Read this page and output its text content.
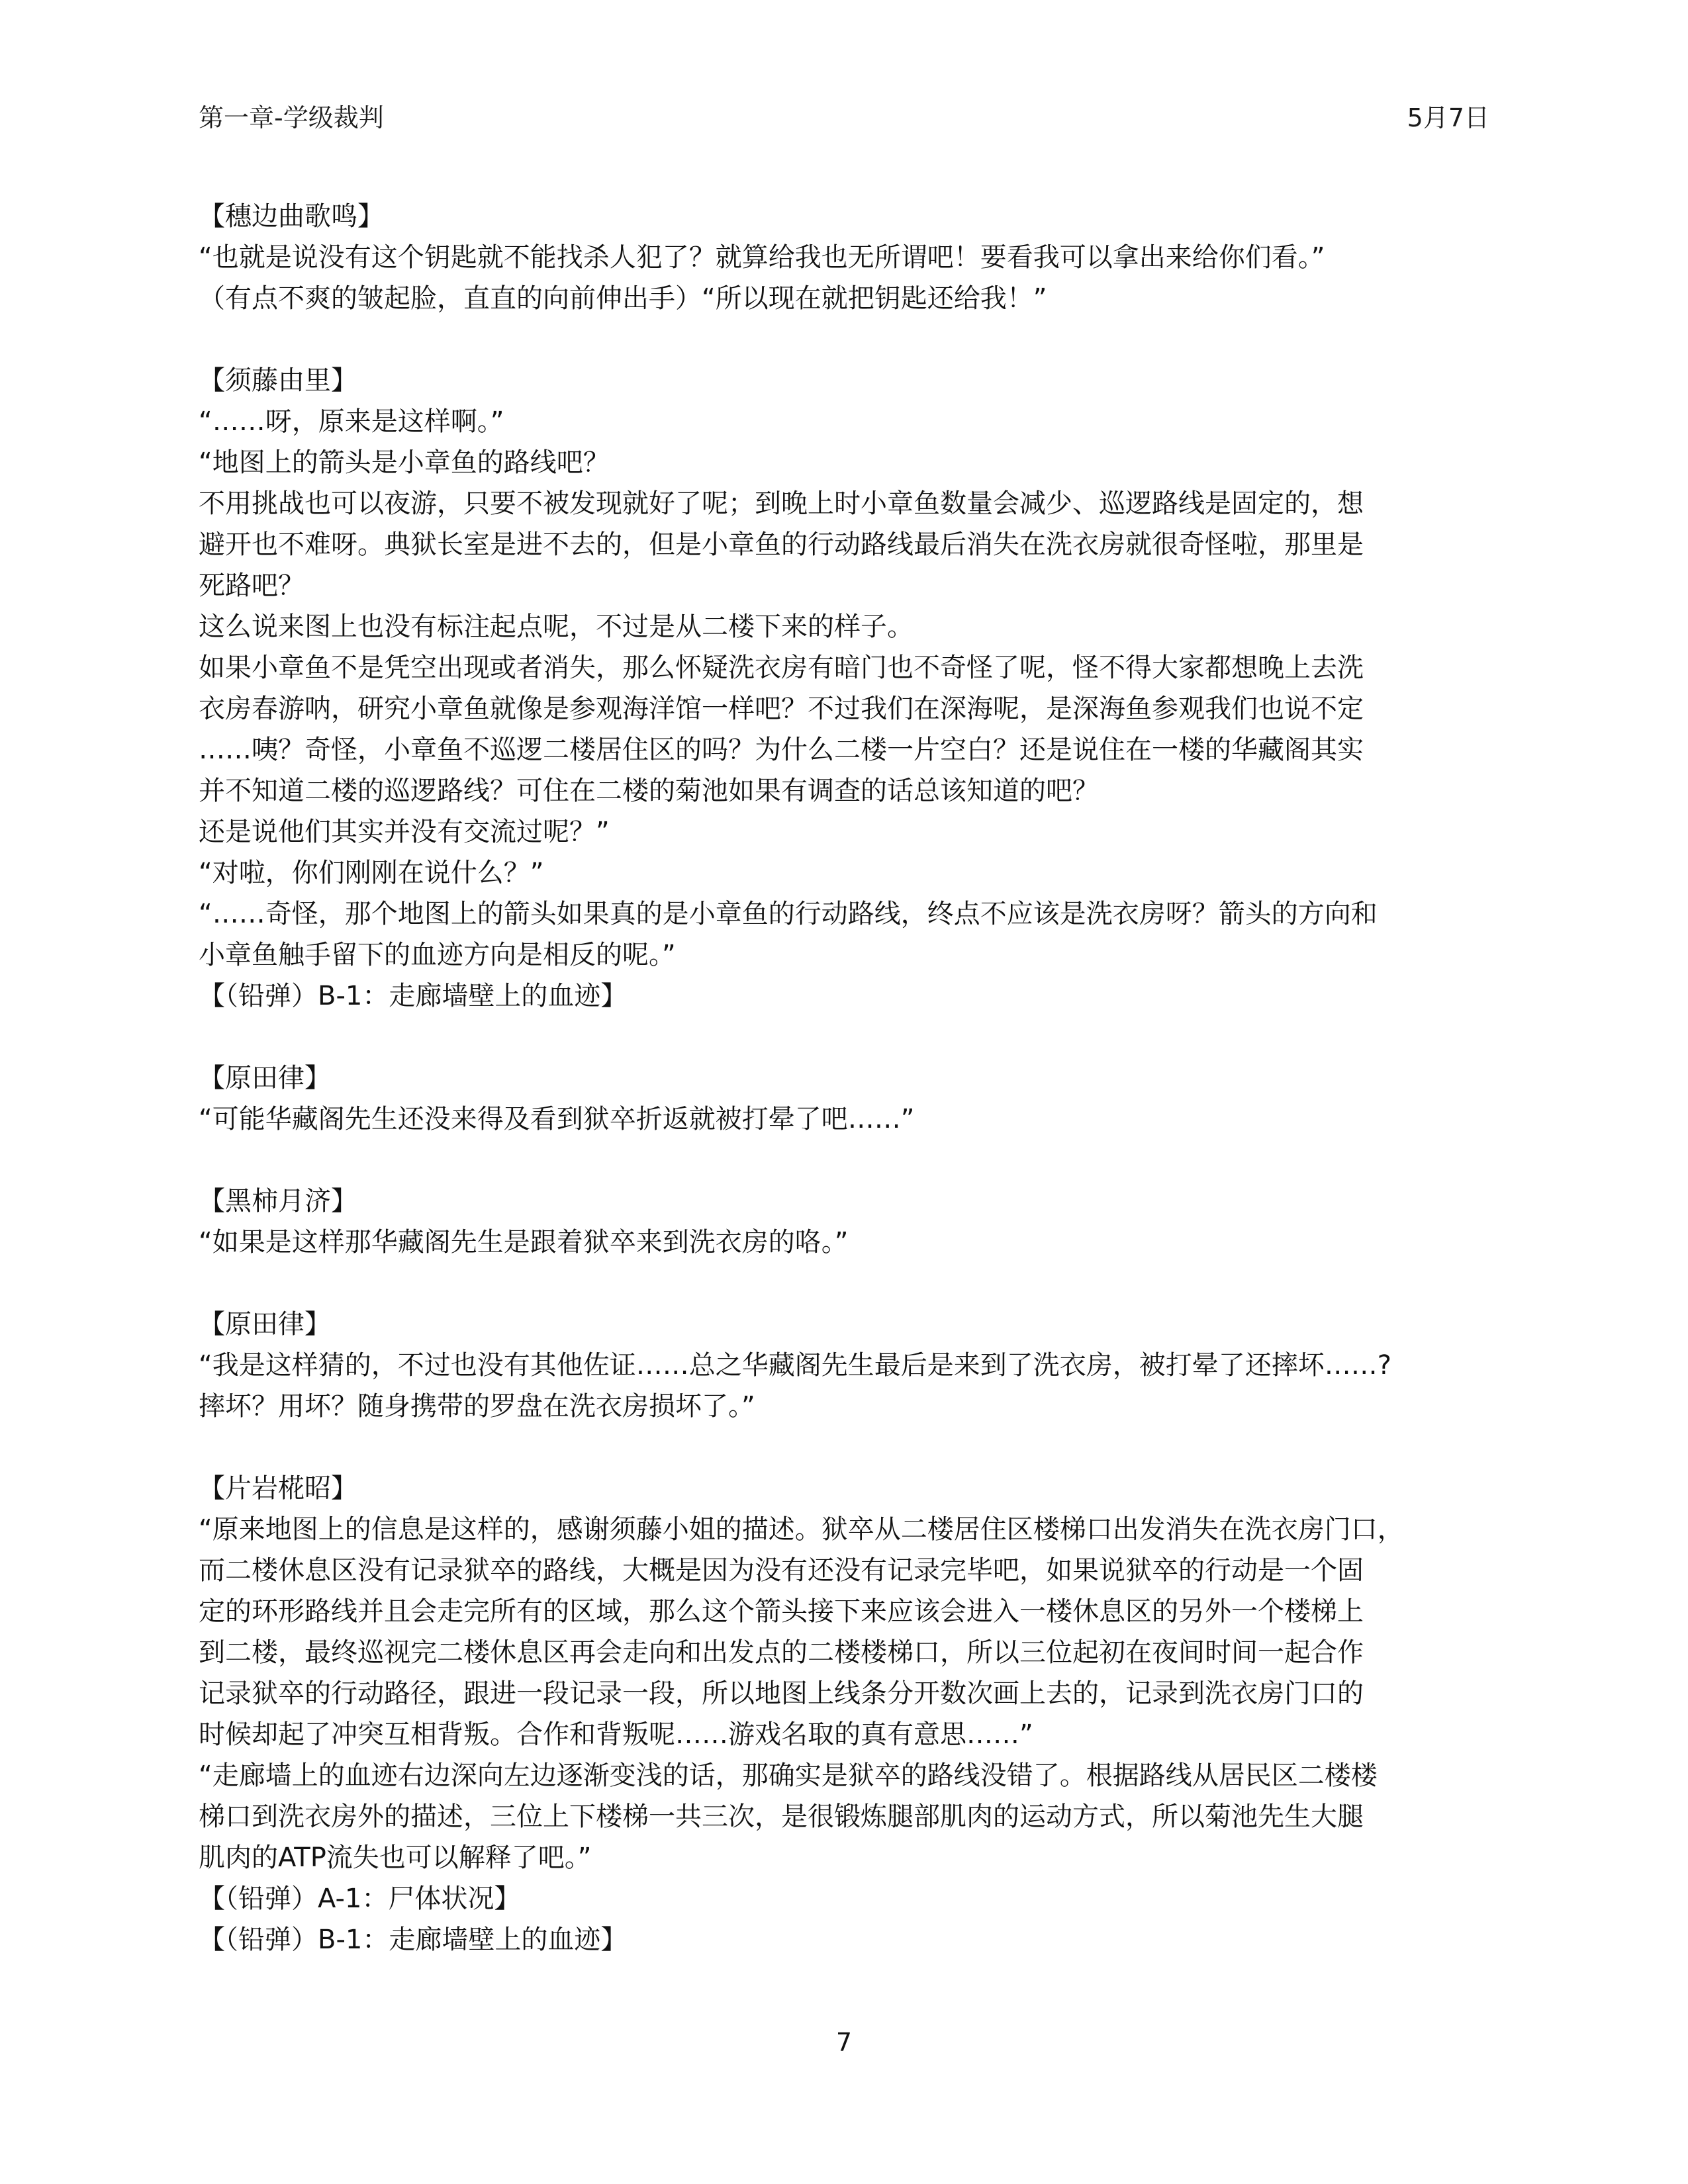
第一章-学级裁判	5月7日
【穗边曲歌鸣】
“也就是说没有这个钥匙就不能找杀人犯了？就算给我也无所谓吧！要看我可以拿出来给你们看。”
（有点不爽的皱起脸，直直的向前伸出手）“所以现在就把钥匙还给我！”
【须藤由里】
“……呀，原来是这样啊。”
“地图上的箭头是小章鱼的路线吧？
不用挑战也可以夜游，只要不被发现就好了呢；到晚上时小章鱼数量会减少、巡逻路线是固定的，想
避开也不难呀。典狱长室是进不去的，但是小章鱼的行动路线最后消失在洗衣房就很奇怪啦，那里是
死路吧？
这么说来图上也没有标注起点呢，不过是从二楼下来的样子。
如果小章鱼不是凭空出现或者消失，那么怀疑洗衣房有暗门也不奇怪了呢，怪不得大家都想晚上去洗
衣房春游呐，研究小章鱼就像是参观海洋馆一样吧？不过我们在深海呢，是深海鱼参观我们也说不定
……咦？奇怪，小章鱼不巡逻二楼居住区的吗？为什么二楼一片空白？还是说住在一楼的华藏阁其实
并不知道二楼的巡逻路线？可住在二楼的菊池如果有调查的话总该知道的吧？
还是说他们其实并没有交流过呢？”
“对啦，你们刚刚在说什么？”
“……奇怪，那个地图上的箭头如果真的是小章鱼的行动路线，终点不应该是洗衣房呀？箭头的方向和
小章鱼触手留下的血迹方向是相反的呢。”
【（铅弹）B-1：走廊墙壁上的血迹】
【原田律】
“可能华藏阁先生还没来得及看到狱卒折返就被打晕了吧……”
【黑柿月济】
“如果是这样那华藏阁先生是跟着狱卒来到洗衣房的咯。”
【原田律】
“我是这样猜的，不过也没有其他佐证……总之华藏阁先生最后是来到了洗衣房，被打晕了还摔坏……?
摔坏？用坏？随身携带的罗盘在洗衣房损坏了。”
【片岩椛昭】
“原来地图上的信息是这样的，感谢须藤小姐的描述。狱卒从二楼居住区楼梯口出发消失在洗衣房门口，
而二楼休息区没有记录狱卒的路线，大概是因为没有还没有记录完毕吧，如果说狱卒的行动是一个固
定的环形路线并且会走完所有的区域，那么这个箭头接下来应该会进入一楼休息区的另外一个楼梯上
到二楼，最终巡视完二楼休息区再会走向和出发点的二楼楼梯口，所以三位起初在夜间时间一起合作
记录狱卒的行动路径，跟进一段记录一段，所以地图上线条分开数次画上去的，记录到洗衣房门口的
时候却起了冲突互相背叛。合作和背叛呢……游戏名取的真有意思……”
“走廊墙上的血迹右边深向左边逐渐变浅的话，那确实是狱卒的路线没错了。根据路线从居民区二楼楼
梯口到洗衣房外的描述，三位上下楼梯一共三次，是很锻炼腿部肌肉的运动方式，所以菊池先生大腿
肌肉的ATP流失也可以解释了吧。”
【（铅弹）A-1：尸体状况】
【（铅弹）B-1：走廊墙壁上的血迹】
7
